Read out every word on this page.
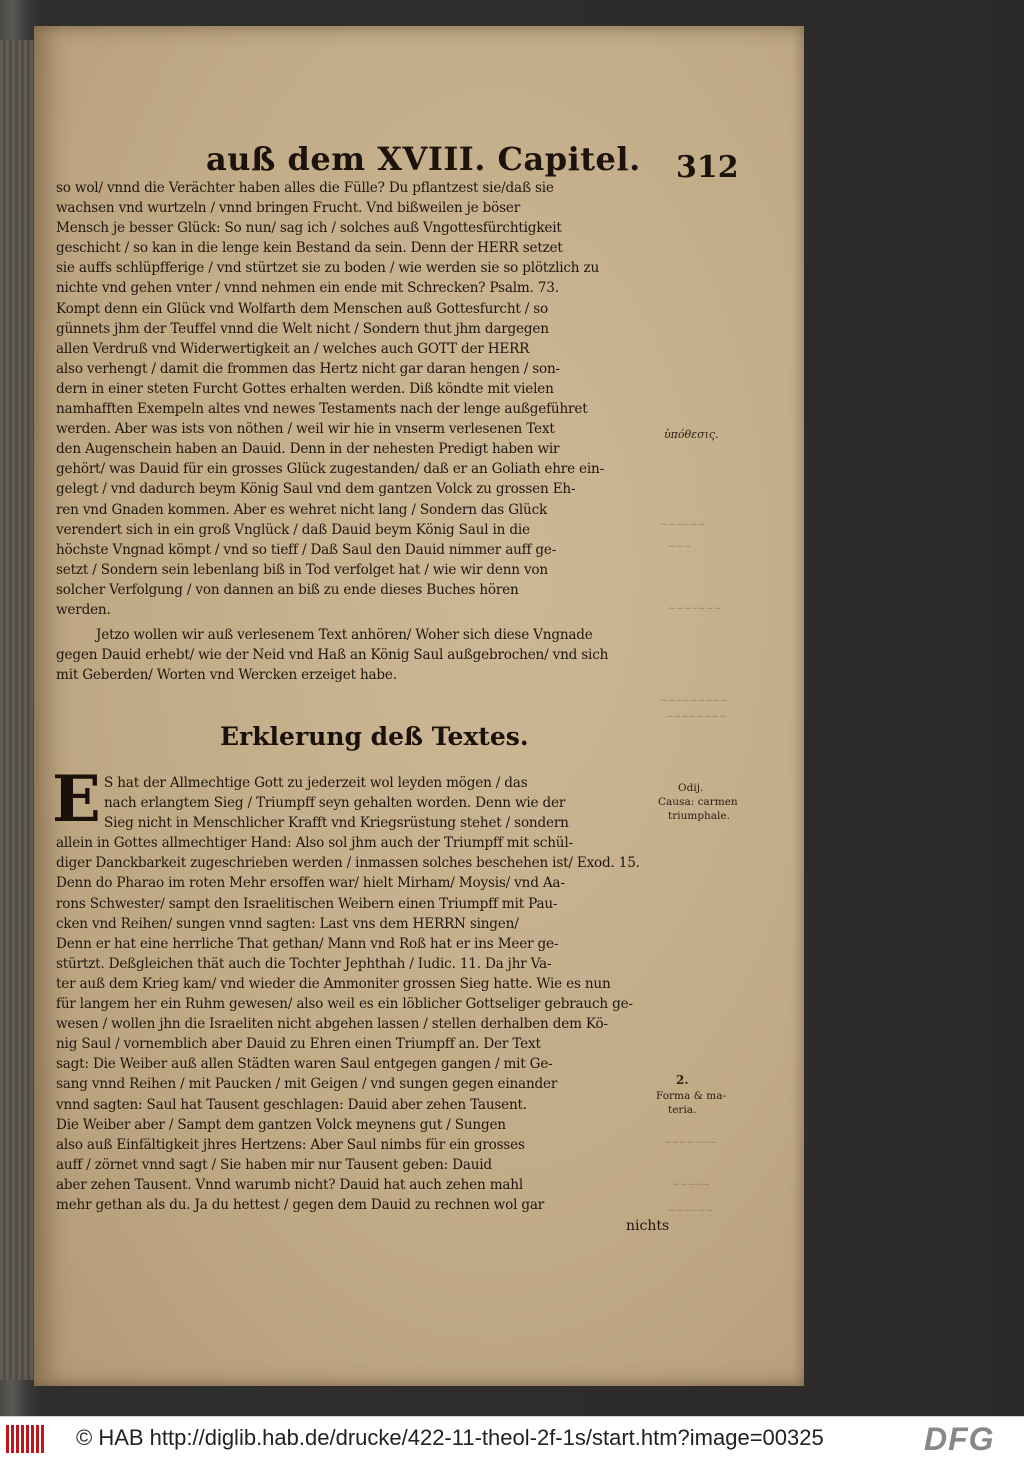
auß dem XVIII. Capitel. 312
so wol/ vnnd die Verächter haben alles die Fülle? Du pflantzest sie/daß sie
wachsen vnd wurtzeln / vnnd bringen Frucht. Vnd bißweilen je böser
Mensch je besser Glück: So nun/ sag ich / solches auß Vngottesfürchtigkeit
geschicht / so kan in die lenge kein Bestand da sein. Denn der HERR setzet
sie auffs schlüpfferige / vnd stürtzet sie zu boden / wie werden sie so plötzlich zu
nichte vnd gehen vnter / vnnd nehmen ein ende mit Schrecken? Psalm. 73.
Kompt denn ein Glück vnd Wolfarth dem Menschen auß Gottesfurcht / so
günnets jhm der Teuffel vnnd die Welt nicht / Sondern thut jhm dargegen
allen Verdruß vnd Widerwertigkeit an / welches auch GOTT der HERR
also verhengt / damit die frommen das Hertz nicht gar daran hengen / son-
dern in einer steten Furcht Gottes erhalten werden. Diß köndte mit vielen
namhafften Exempeln altes vnd newes Testaments nach der lenge außgeführet
werden. Aber was ists von nöthen / weil wir hie in vnserm verlesenen Text
den Augenschein haben an Dauid. Denn in der nehesten Predigt haben wir
gehört/ was Dauid für ein grosses Glück zugestanden/ daß er an Goliath ehre ein-
gelegt / vnd dadurch beym König Saul vnd dem gantzen Volck zu grossen Eh-
ren vnd Gnaden kommen. Aber es wehret nicht lang / Sondern das Glück
verendert sich in ein groß Vnglück / daß Dauid beym König Saul in die
höchste Vngnad kömpt / vnd so tieff / Daß Saul den Dauid nimmer auff ge-
setzt / Sondern sein lebenlang biß in Tod verfolget hat / wie wir denn von
solcher Verfolgung / von dannen an biß zu ende dieses Buches hören
werden.
Jetzo wollen wir auß verlesenem Text anhören/ Woher sich diese Vngnade
gegen Dauid erhebt/ wie der Neid vnd Haß an König Saul außgebrochen/ vnd sich
mit Geberden/ Worten vnd Wercken erzeiget habe.
Erklerung deß Textes.
E S hat der Allmechtige Gott zu jederzeit wol leyden mögen / das
nach erlangtem Sieg / Triumpff seyn gehalten worden. Denn wie der
Sieg nicht in Menschlicher Krafft vnd Kriegsrüstung stehet / sondern
allein in Gottes allmechtiger Hand: Also sol jhm auch der Triumpff mit schül-
diger Danckbarkeit zugeschrieben werden / inmassen solches beschehen ist/ Exod. 15.
Denn do Pharao im roten Mehr ersoffen war/ hielt Mirham/ Moysis/ vnd Aa-
rons Schwester/ sampt den Israelitischen Weibern einen Triumpff mit Pau-
cken vnd Reihen/ sungen vnnd sagten: Last vns dem HERRN singen/
Denn er hat eine herrliche That gethan/ Mann vnd Roß hat er ins Meer ge-
stürtzt. Deßgleichen thät auch die Tochter Jephthah / Iudic. 11. Da jhr Va-
ter auß dem Krieg kam/ vnd wieder die Ammoniter grossen Sieg hatte. Wie es nun
für langem her ein Ruhm gewesen/ also weil es ein löblicher Gottseliger gebrauch ge-
wesen / wollen jhn die Israeliten nicht abgehen lassen / stellen derhalben dem Kö-
nig Saul / vornemblich aber Dauid zu Ehren einen Triumpff an. Der Text
sagt: Die Weiber auß allen Städten waren Saul entgegen gangen / mit Ge-
sang vnnd Reihen / mit Paucken / mit Geigen / vnd sungen gegen einander
vnnd sagten: Saul hat Tausent geschlagen: Dauid aber zehen Tausent.
Die Weiber aber / Sampt dem gantzen Volck meynens gut / Sungen
also auß Einfältigkeit jhres Hertzens: Aber Saul nimbs für ein grosses
auff / zörnet vnnd sagt / Sie haben mir nur Tausent geben: Dauid
aber zehen Tausent. Vnnd warumb nicht? Dauid hat auch zehen mahl
mehr gethan als du. Ja du hettest / gegen dem Dauid zu rechnen wol gar
nichts
ὑπόθεσις.
Odij.
Causa: carmen
triumphale.
2.
Forma & ma-
teria.
~~~~~~
~~~
~~~~~~~
~~~~~~~~~
~~~~~~~~
~~~~~~~
~~~~~
~~~~~~
© HAB http://diglib.hab.de/drucke/422-11-theol-2f-1s/start.htm?image=00325	DFG
